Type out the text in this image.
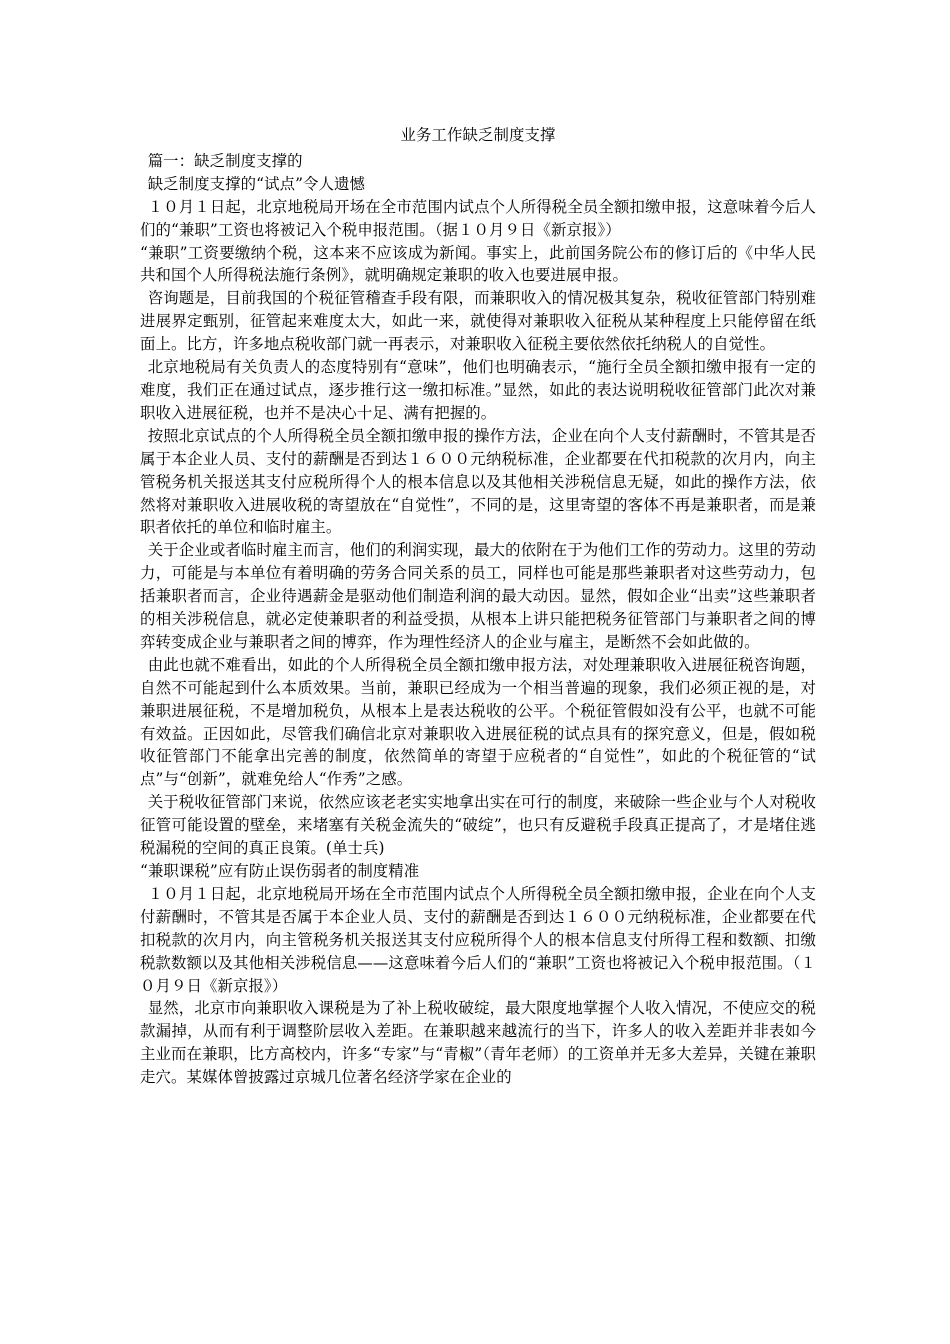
业务工作缺乏制度支撑

篇一：缺乏制度支撑的

缺乏制度支撑的“试点”令人遗憾

１０月１日起，北京地税局开场在全市范围内试点个人所得税全员全额扣缴申报，这意味着今后人们的“兼职”工资也将被记入个税申报范围。（据１０月９日《新京报》）

“兼职”工资要缴纳个税，这本来不应该成为新闻。事实上，此前国务院公布的修订后的《中华人民共和国个人所得税法施行条例》，就明确规定兼职的收入也要进展申报。

咨询题是，目前我国的个税征管稽查手段有限，而兼职收入的情况极其复杂，税收征管部门特别难进展界定甄别，征管起来难度太大，如此一来，就使得对兼职收入征税从某种程度上只能停留在纸面上。比方，许多地点税收部门就一再表示，对兼职收入征税主要依然依托纳税人的自觉性。

北京地税局有关负责人的态度特别有“意味”，他们也明确表示，“施行全员全额扣缴申报有一定的难度，我们正在通过试点，逐步推行这一缴扣标准。”显然，如此的表达说明税收征管部门此次对兼职收入进展征税，也并不是决心十足、满有把握的。

按照北京试点的个人所得税全员全额扣缴申报的操作方法，企业在向个人支付薪酬时，不管其是否属于本企业人员、支付的薪酬是否到达１６００元纳税标准，企业都要在代扣税款的次月内，向主管税务机关报送其支付应税所得个人的根本信息以及其他相关涉税信息无疑，如此的操作方法，依然将对兼职收入进展收税的寄望放在“自觉性”，不同的是，这里寄望的客体不再是兼职者，而是兼职者依托的单位和临时雇主。

关于企业或者临时雇主而言，他们的利润实现，最大的依附在于为他们工作的劳动力。这里的劳动力，可能是与本单位有着明确的劳务合同关系的员工，同样也可能是那些兼职者对这些劳动力，包括兼职者而言，企业待遇薪金是驱动他们制造利润的最大动因。显然，假如企业“出卖”这些兼职者的相关涉税信息，就必定使兼职者的利益受损，从根本上讲只能把税务征管部门与兼职者之间的博弈转变成企业与兼职者之间的博弈，作为理性经济人的企业与雇主，是断然不会如此做的。

由此也就不难看出，如此的个人所得税全员全额扣缴申报方法，对处理兼职收入进展征税咨询题，自然不可能起到什么本质效果。当前，兼职已经成为一个相当普遍的现象，我们必须正视的是，对兼职进展征税，不是增加税负，从根本上是表达税收的公平。个税征管假如没有公平，也就不可能有效益。正因如此，尽管我们确信北京对兼职收入进展征税的试点具有的探究意义，但是，假如税收征管部门不能拿出完善的制度，依然简单的寄望于应税者的“自觉性”，如此的个税征管的“试点”与“创新”，就难免给人“作秀”之感。

关于税收征管部门来说，依然应该老老实实地拿出实在可行的制度，来破除一些企业与个人对税收征管可能设置的壁垒，来堵塞有关税金流失的“破绽”，也只有反避税手段真正提高了，才是堵住逃税漏税的空间的真正良策。(单士兵)

“兼职课税”应有防止误伤弱者的制度精准

１０月１日起，北京地税局开场在全市范围内试点个人所得税全员全额扣缴申报，企业在向个人支付薪酬时，不管其是否属于本企业人员、支付的薪酬是否到达１６００元纳税标准，企业都要在代扣税款的次月内，向主管税务机关报送其支付应税所得个人的根本信息支付所得工程和数额、扣缴税款数额以及其他相关涉税信息——这意味着今后人们的“兼职”工资也将被记入个税申报范围。（１０月９日《新京报》）

显然，北京市向兼职收入课税是为了补上税收破绽，最大限度地掌握个人收入情况，不使应交的税款漏掉，从而有利于调整阶层收入差距。在兼职越来越流行的当下，许多人的收入差距并非表如今主业而在兼职，比方高校内，许多“专家”与“青椒”（青年老师）的工资单并无多大差异，关键在兼职走穴。某媒体曾披露过京城几位著名经济学家在企业的
